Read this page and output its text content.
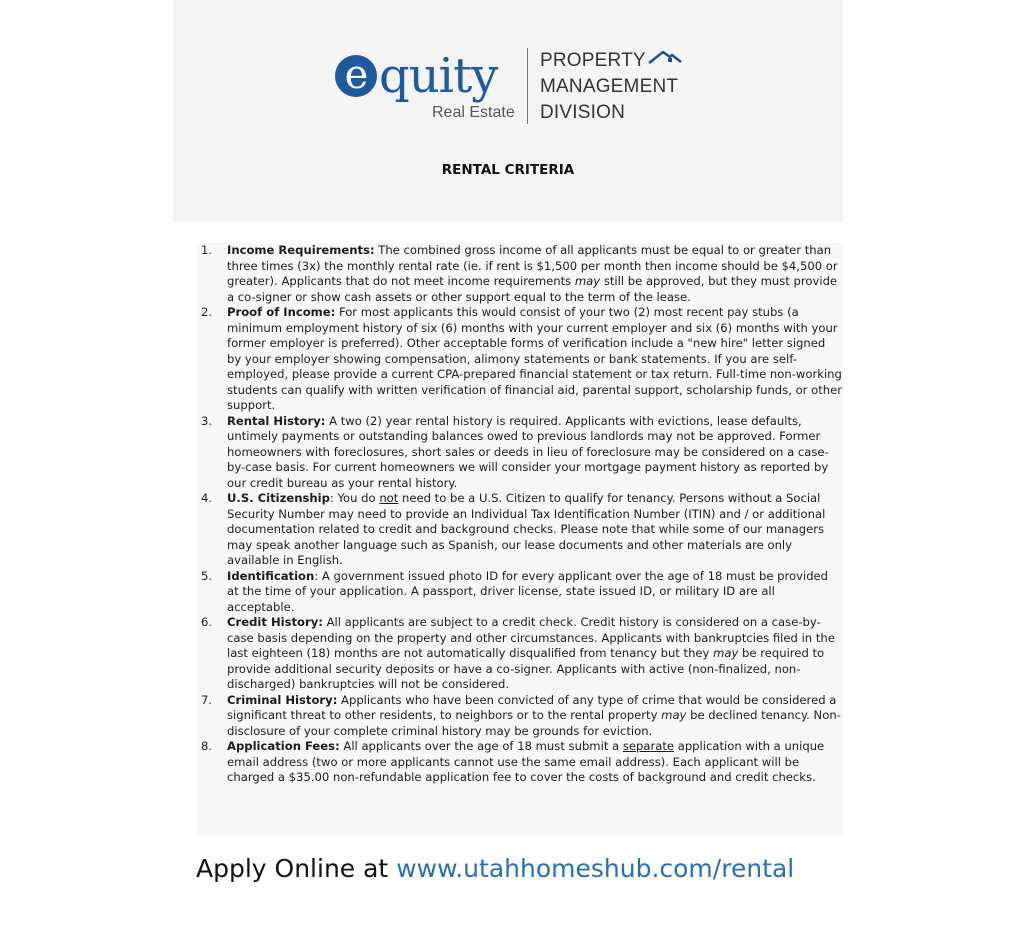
e quity
Real Estate
PROPERTY
MANAGEMENT
DIVISION
RENTAL CRITERIA
1. Income Requirements: The combined gross income of all applicants must be equal to or greater than three times (3x) the monthly rental rate (ie. if rent is $1,500 per month then income should be $4,500 or greater). Applicants that do not meet income requirements may still be approved, but they must provide a co-signer or show cash assets or other support equal to the term of the lease.
2. Proof of Income: For most applicants this would consist of your two (2) most recent pay stubs (a minimum employment history of six (6) months with your current employer and six (6) months with your former employer is preferred). Other acceptable forms of verification include a "new hire" letter signed by your employer showing compensation, alimony statements or bank statements. If you are self-employed, please provide a current CPA-prepared financial statement or tax return. Full-time non-working students can qualify with written verification of financial aid, parental support, scholarship funds, or other support.
3. Rental History: A two (2) year rental history is required. Applicants with evictions, lease defaults, untimely payments or outstanding balances owed to previous landlords may not be approved. Former homeowners with foreclosures, short sales or deeds in lieu of foreclosure may be considered on a case- by-case basis. For current homeowners we will consider your mortgage payment history as reported by our credit bureau as your rental history.
4. U.S. Citizenship: You do not need to be a U.S. Citizen to qualify for tenancy. Persons without a Social Security Number may need to provide an Individual Tax Identification Number (ITIN) and / or additional documentation related to credit and background checks. Please note that while some of our managers may speak another language such as Spanish, our lease documents and other materials are only available in English.
5. Identification: A government issued photo ID for every applicant over the age of 18 must be provided at the time of your application. A passport, driver license, state issued ID, or military ID are all acceptable.
6. Credit History: All applicants are subject to a credit check. Credit history is considered on a case-by- case basis depending on the property and other circumstances. Applicants with bankruptcies filed in the last eighteen (18) months are not automatically disqualified from tenancy but they may be required to provide additional security deposits or have a co-signer. Applicants with active (non-finalized, non-discharged) bankruptcies will not be considered.
7. Criminal History: Applicants who have been convicted of any type of crime that would be considered a significant threat to other residents, to neighbors or to the rental property may be declined tenancy. Non-disclosure of your complete criminal history may be grounds for eviction.
8. Application Fees: All applicants over the age of 18 must submit a separate application with a unique email address (two or more applicants cannot use the same email address). Each applicant will be charged a $35.00 non-refundable application fee to cover the costs of background and credit checks.
Apply Online at www.utahhomeshub.com/rental
